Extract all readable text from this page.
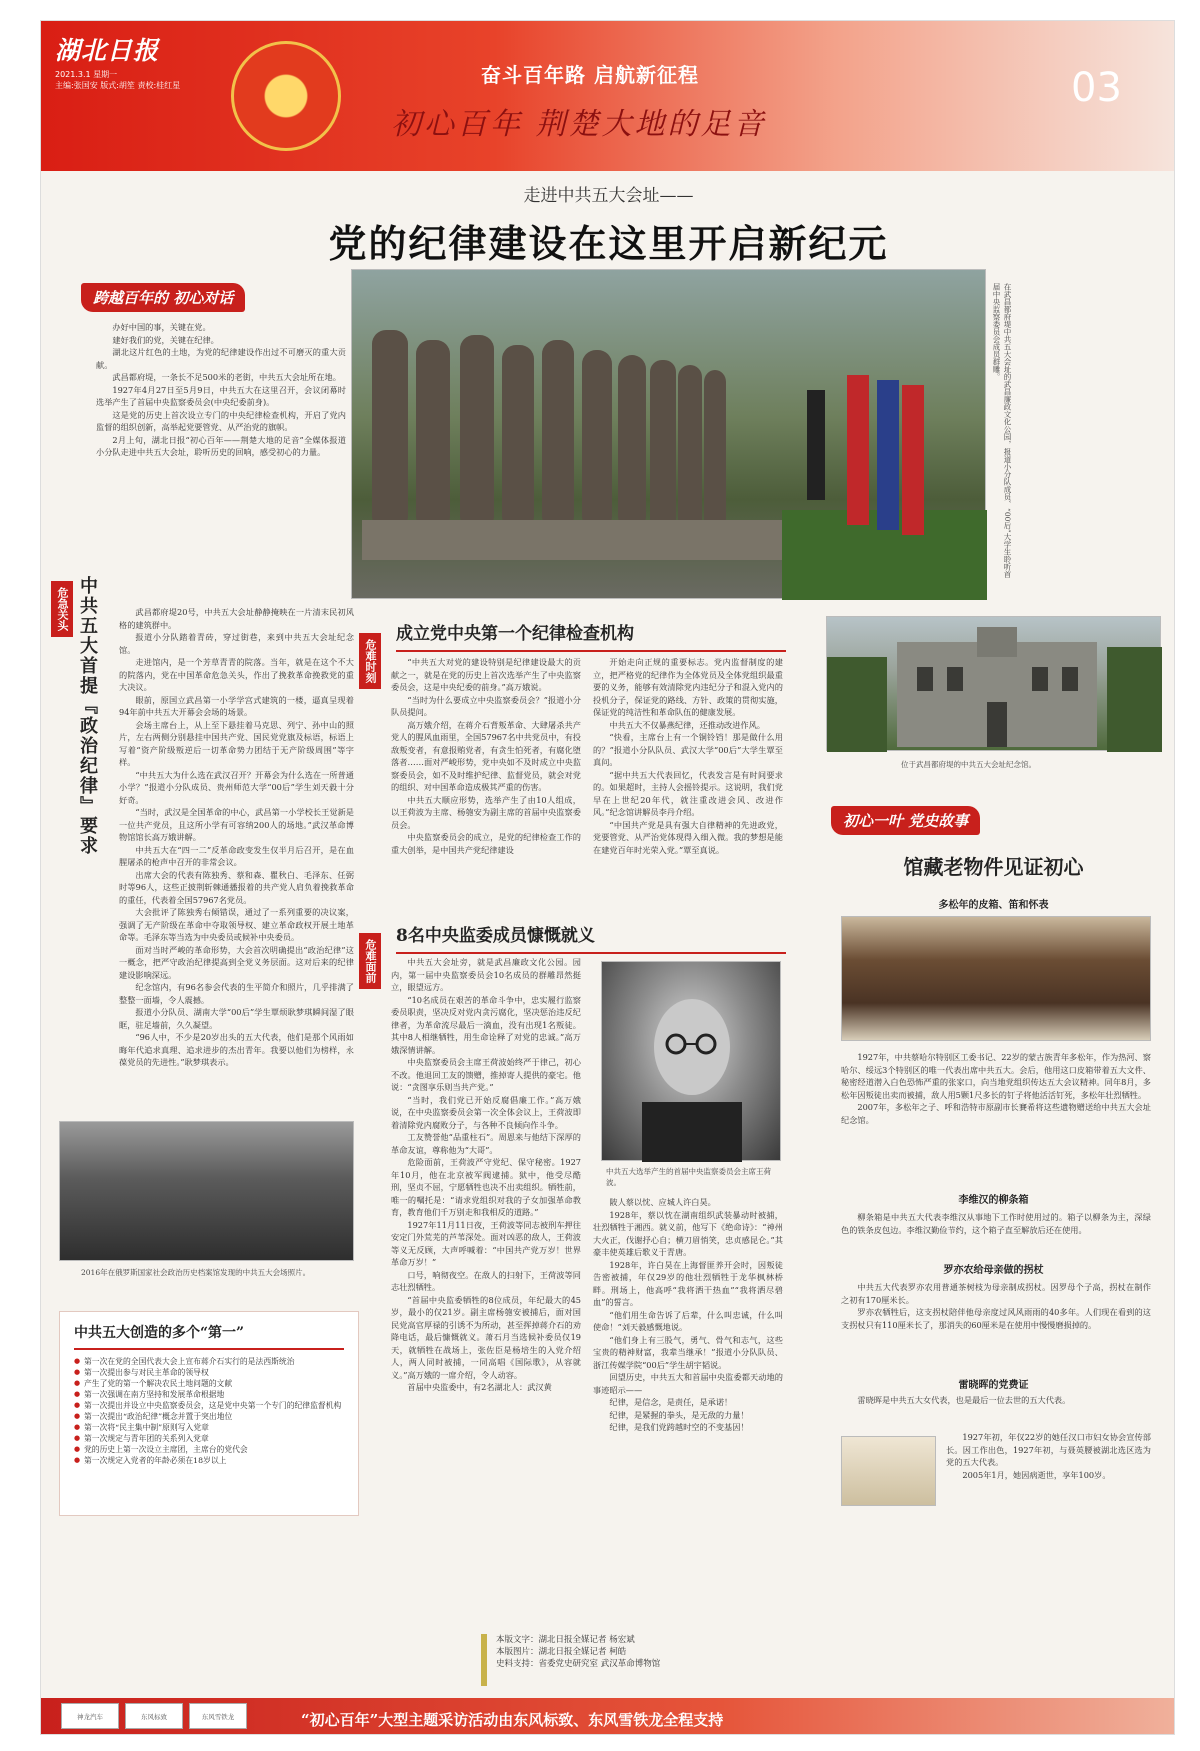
湖北日报
2021.3.1 星期一
主编:张国安 版式:胡笙 责校:桂红星	奋斗百年路 启航新征程
初心百年 荆楚大地的足音
03
走进中共五大会址——
党的纪律建设在这里开启新纪元
跨越百年的 初心对话

办好中国的事，关键在党。

建好我们的党，关键在纪律。

湖北这片红色的土地，为党的纪律建设作出过不可磨灭的重大贡献。

武昌都府堤，一条长不足500米的老街，中共五大会址所在地。

1927年4月27日至5月9日，中共五大在这里召开，会议闭幕时选举产生了首届中央监察委员会(中央纪委前身)。

这是党的历史上首次设立专门的中央纪律检查机构，开启了党内监督的组织创新，高举起党要管党、从严治党的旗帜。

2月上旬，湖北日报“初心百年——荆楚大地的足音”全媒体报道小分队走进中共五大会址，聆听历史的回响，感受初心的力量。	在武昌都府堤中共五大会址的武昌廉政文化公园，报道小分队成员、“00后”大学生聆听首届中央监察委员会成员群雕。
危急关头 中共五大首提『政治纪律』要求	武昌都府堤20号，中共五大会址静静掩映在一片清末民初风格的建筑群中。

报道小分队踏着青砖，穿过街巷，来到中共五大会址纪念馆。

走进馆内，是一个芳草青青的院落。当年，就是在这个不大的院落内，党在中国革命危急关头，作出了挽救革命挽救党的重大决议。

眼前，原国立武昌第一小学学宫式建筑的一楼，逼真呈现着94年前中共五大开幕会会场的场景。

会场主席台上，从上至下悬挂着马克思、列宁、孙中山的照片，左右两侧分别悬挂中国共产党、国民党党旗及标语，标语上写着“资产阶级叛逆后一切革命势力团结于无产阶级周围”等字样。

“中共五大为什么选在武汉召开？开幕会为什么选在一所普通小学？”报道小分队成员、贵州师范大学“00后”学生刘天毅十分好奇。

“当时，武汉是全国革命的中心，武昌第一小学校长王觉新是一位共产党员，且这所小学有可容纳200人的场地。”武汉革命博物馆馆长高万娥讲解。

中共五大在“四一二”反革命政变发生仅半月后召开，是在血腥屠杀的枪声中召开的非常会议。

出席大会的代表有陈独秀、蔡和森、瞿秋白、毛泽东、任弼时等96人，这些正披荆斩棘通播报着的共产党人肩负着挽救革命的重任，代表着全国57967名党员。

大会批评了陈独秀右倾错误，通过了一系列重要的决议案，强调了无产阶级在革命中夺取领导权、建立革命政权开展土地革命等。毛泽东等当选为中央委员或候补中央委员。

面对当时严峻的革命形势，大会首次明确提出“政治纪律”这一概念，把严守政治纪律提高到全党义务层面。这对后来的纪律建设影响深远。

纪念馆内，有96名参会代表的生平简介和照片，几乎排满了整整一面墙，令人震撼。

报道小分队员、湖南大学“00后”学生覃烦耿梦琪瞬间湿了眼眶，驻足墙前，久久凝望。

“96人中，不少是20岁出头的五大代表，他们是那个风雨如晦年代追求真理、追求进步的杰出青年。我要以他们为榜样，永葆党员的先进性。”耿梦琪表示。

2016年在俄罗斯国家社会政治历史档案馆发现的中共五大会场照片。
中共五大创造的多个“第一”
● 第一次在党的全国代表大会上宣布蒋介石实行的是法西斯统治
● 第一次提出参与对民主革命的领导权
● 产生了党的第一个解决农民土地问题的文献
● 第一次强调在南方坚持和发展革命根据地
● 第一次提出并设立中央监察委员会，这是党中央第一个专门的纪律监督机构
● 第一次提出“政治纪律”概念并置于突出地位
● 第一次将“民主集中制”原则写入党章
● 第一次规定与青年团的关系列入党章
● 党的历史上第一次设立主席团，主席台的党代会
● 第一次规定入党者的年龄必须在18岁以上
危难时刻
成立党中央第一个纪律检查机构

“中共五大对党的建设特别是纪律建设最大的贡献之一，就是在党的历史上首次选举产生了中央监察委员会，这是中央纪委的前身。”高万娥说。

“当时为什么要成立中央监察委员会？”报道小分队员提问。

高万娥介绍，在蒋介石背叛革命、大肆屠杀共产党人的腥风血雨里，全国57967名中共党员中，有投敌叛变者，有意报贿党者，有贪生怕死者，有腐化堕落者……面对严峻形势，党中央如不及时成立中央监察委员会，如不及时维护纪律、监督党员，就会对党的组织、对中国革命造成极其严重的伤害。

中共五大顺应形势，选举产生了由10人组成，以王荷波为主席、杨匏安为副主席的首届中央监察委员会。

中央监察委员会的成立，是党的纪律检查工作的重大创举，是中国共产党纪律建设

开始走向正规的重要标志。党内监督制度的建立，把严格党的纪律作为全体党员及全体党组织最重要的义务，能够有效清除党内违纪分子和混入党内的投机分子，保证党的路线、方针、政策的贯彻实施，保证党的纯洁性和革命队伍的健康发展。

中共五大不仅暴燕纪律，还推动改进作风。

“快看，主席台上有一个铜铃铛！那是做什么用的？”报道小分队队员、武汉大学“00后”大学生覃至真问。

“据中共五大代表回忆，代表发言是有时间要求的。如果超时，主持人会摇铃提示。这说明，我们党早在上世纪20年代，就注重改进会风、改进作风。”纪念馆讲解员李丹介绍。

“中国共产党是具有强大自律精神的先进政党，党要管党、从严治党体现得入细入微。我的梦想是能在建党百年时光荣入党。”覃至真说。

危难面前
8名中央监委成员慷慨就义

中共五大会址旁，就是武昌廉政文化公园。园内，第一届中央监察委员会10名成员的群雕昂然挺立，眼望远方。

“10名成员在艰苦的革命斗争中，忠实履行监察委员职责，坚决反对党内贪污腐化，坚决惩治违反纪律者，为革命流尽最后一滴血，没有出现1名叛徒。其中8人相继牺牲，用生命诠释了对党的忠诚。”高万娥深情讲解。

中央监察委员会主席王荷波始终严于律己，初心不改。他退回工友的馈赠，推掉寄人提供的豪宅。他说：“贪图享乐则当共产党。”

“当时，我们党已开始反腐倡廉工作。”高万娥说，在中央监察委员会第一次全体会议上，王荷波即着清除党内腐败分子，与各种不良倾向作斗争。

工友赞誉他“品重柱石”。周恩来与他结下深厚的革命友谊，尊称他为“大哥”。

危险面前，王荷波严守党纪、保守秘密。1927年10月，他在北京被军阀逮捕。狱中，他受尽酷刑，坚贞不屈，宁愿牺牲也决不出卖组织。牺牲前，唯一的嘱托是：“请求党组织对我的子女加强革命教育，教育他们千万别走和我相反的道路。”

1927年11月11日夜，王荷波等同志被刑车押往安定门外荒芜的芦苇深处。面对凶恶的敌人，王荷波等义无反顾，大声呼喊着：“中国共产党万岁！世界革命万岁！”

口号，响彻夜空。在敌人的扫射下，王荷波等同志壮烈牺牲。

“首届中央监委牺牲的8位成员，年纪最大的45岁，最小的仅21岁。副主席杨匏安被捕后，面对国民党高官厚禄的引诱不为所动，甚至挥掉蒋介石的劝降电话，最后慷慨就义。萧石月当选候补委员仅19天，就牺牲在战场上，张佐臣是杨培生的入党介绍人，两人同时被捕，一同高唱《国际歌》，从容就义。”高万娥的一席介绍，令人动容。

首届中央监委中，有2名湖北人：武汉黄

中共五大选举产生的首届中央监察委员会主席王荷波。

陂人蔡以忱、应城人许白昊。

1928年，蔡以忱在湖南组织武装暴动时被捕，壮烈牺牲于湘西。就义前，他写下《绝命诗》：“神州大火正，伐谢抒心自；横刀眉悄笑，忠贞感昆仑。”其豪丰使英雄后歌义于青唐。

1928年，许白昊在上海督匪养开会时，因叛徒告密被捕，年仅29岁的他壮烈牺牲于龙华枫林桥畔。刑场上，他高呼“我将洒干热血”“我将洒尽碧血”的誓言。

“他们用生命告诉了后辈，什么叫忠诚，什么叫使命！”刘天毅感慨地说。

“他们身上有三股气，勇气、骨气和志气，这些宝贵的精神财富，我辈当继承！”报道小分队队员、浙江传媒学院“00后”学生胡宇韬说。

回望历史，中共五大和首届中央监委都天动地的事迹昭示——

纪律，是信念，是责任，是承诺！

纪律，是紧握的拳头，是无敌的力量！

纪律，是我们党跨越时空的不变基因！

本版文字：湖北日报全媒记者 杨宏斌
本版图片：湖北日报全媒记者 柯皓
史料支持：省委党史研究室 武汉革命博物馆
位于武昌都府堤的中共五大会址纪念馆。
初心一叶 党史故事
馆藏老物件见证初心
多松年的皮箱、笛和怀表

1927年，中共蔡哈尔特别区工委书记、22岁的蒙古族青年多松年，作为热河、察哈尔、绥远3个特别区的唯一代表出席中共五大。会后，他用这口皮箱带着五大文件、秘密经道潜入白色恐怖严重的张家口，向当地党组织传达五大会议精神。同年8月，多松年因叛徒出卖而被捕，敌人用5颗1尺多长的钉子将他活活钉死，多松年壮烈牺牲。

2007年，多松年之子、呼和浩特市原副市长賽希将这些遗物赠送给中共五大会址纪念馆。

李维汉的柳条箱

柳条箱是中共五大代表李维汉从事地下工作时使用过的。箱子以柳条为主，深绿色的铁条皮包边。李维汉勤俭节约，这个箱子直至解放后还在使用。

罗亦农给母亲做的拐杖

中共五大代表罗亦农用普通茶树枝为母亲制成拐杖。因罗母个子高，拐杖在制作之初有170厘米长。

罗亦农牺牲后，这支拐杖陪伴他母亲度过风风雨雨的40多年。人们现在看到的这支拐杖只有110厘米长了，那消失的60厘米是在使用中慢慢磨损掉的。

雷晓晖的党费证

雷晓晖是中共五大女代表，也是最后一位去世的五大代表。

1927年初，年仅22岁的她任汉口市妇女协会宣传部长。因工作出色，1927年初，与聂英腰被湖北选区选为党的五大代表。

2005年1月，她因病逝世，享年100岁。

神龙汽车	东风标致	东风雪铁龙	“初心百年”大型主题采访活动由东风标致、东风雪铁龙全程支持
